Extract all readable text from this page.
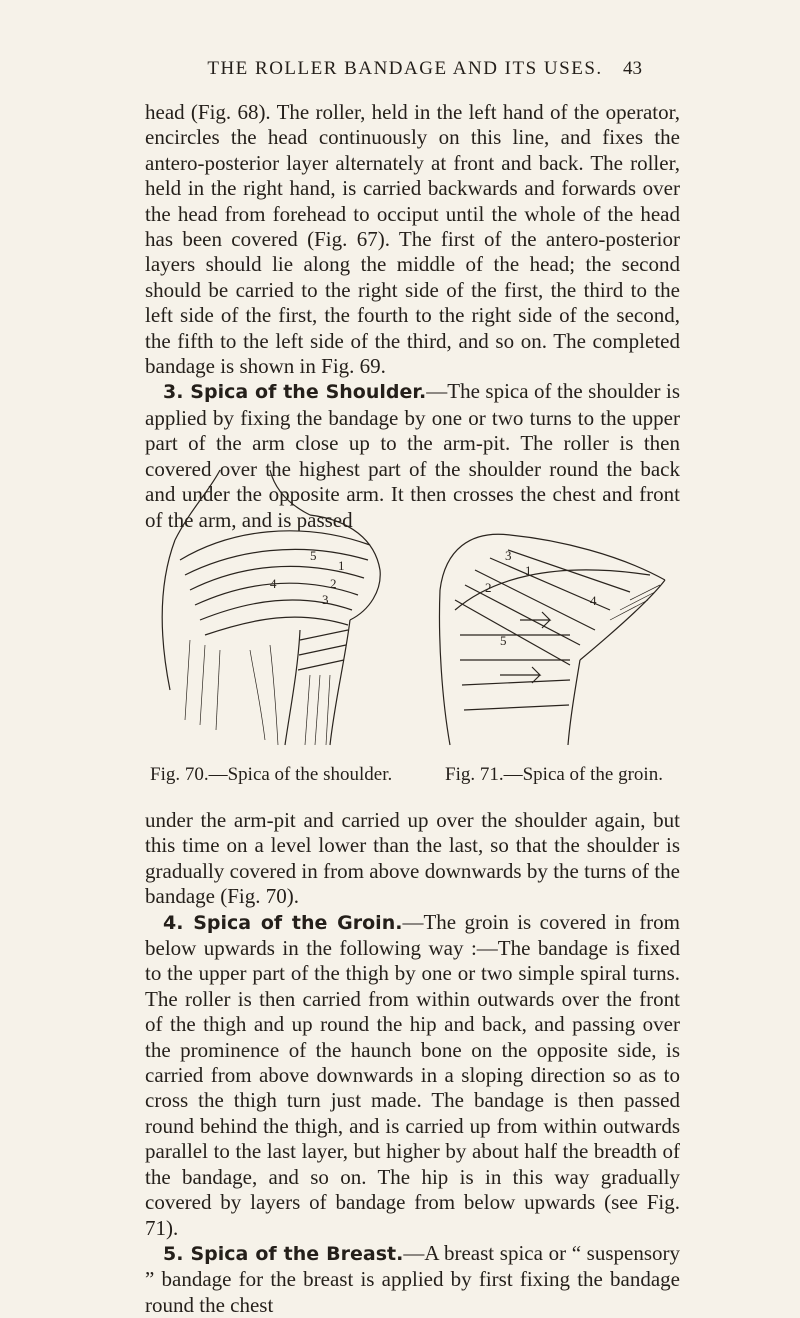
THE ROLLER BANDAGE AND ITS USES.	43

head (Fig. 68). The roller, held in the left hand of the operator, encircles the head continuously on this line, and fixes the antero-posterior layer alternately at front and back. The roller, held in the right hand, is carried backwards and forwards over the head from forehead to occiput until the whole of the head has been covered (Fig. 67). The first of the antero-posterior layers should lie along the middle of the head; the second should be carried to the right side of the first, the third to the left side of the first, the fourth to the right side of the second, the fifth to the left side of the third, and so on. The completed bandage is shown in Fig. 69.

3. Spica of the Shoulder.—The spica of the shoulder is applied by fixing the bandage by one or two turns to the upper part of the arm close up to the arm-pit. The roller is then covered over the highest part of the shoulder round the back and under the opposite arm. It then crosses the chest and front of the arm, and is passed

1
2
3
4
5
1
2
3
4
5
Fig. 70.—Spica of the shoulder.	Fig. 71.—Spica of the groin.

under the arm-pit and carried up over the shoulder again, but this time on a level lower than the last, so that the shoulder is gradually covered in from above downwards by the turns of the bandage (Fig. 70).

4. Spica of the Groin.—The groin is covered in from below upwards in the following way :—The bandage is fixed to the upper part of the thigh by one or two simple spiral turns. The roller is then carried from within outwards over the front of the thigh and up round the hip and back, and passing over the prominence of the haunch bone on the opposite side, is carried from above downwards in a sloping direction so as to cross the thigh turn just made. The bandage is then passed round behind the thigh, and is carried up from within outwards parallel to the last layer, but higher by about half the breadth of the bandage, and so on. The hip is in this way gradually covered by layers of bandage from below upwards (see Fig. 71).

5. Spica of the Breast.—A breast spica or “ suspensory ” bandage for the breast is applied by first fixing the bandage round the chest
